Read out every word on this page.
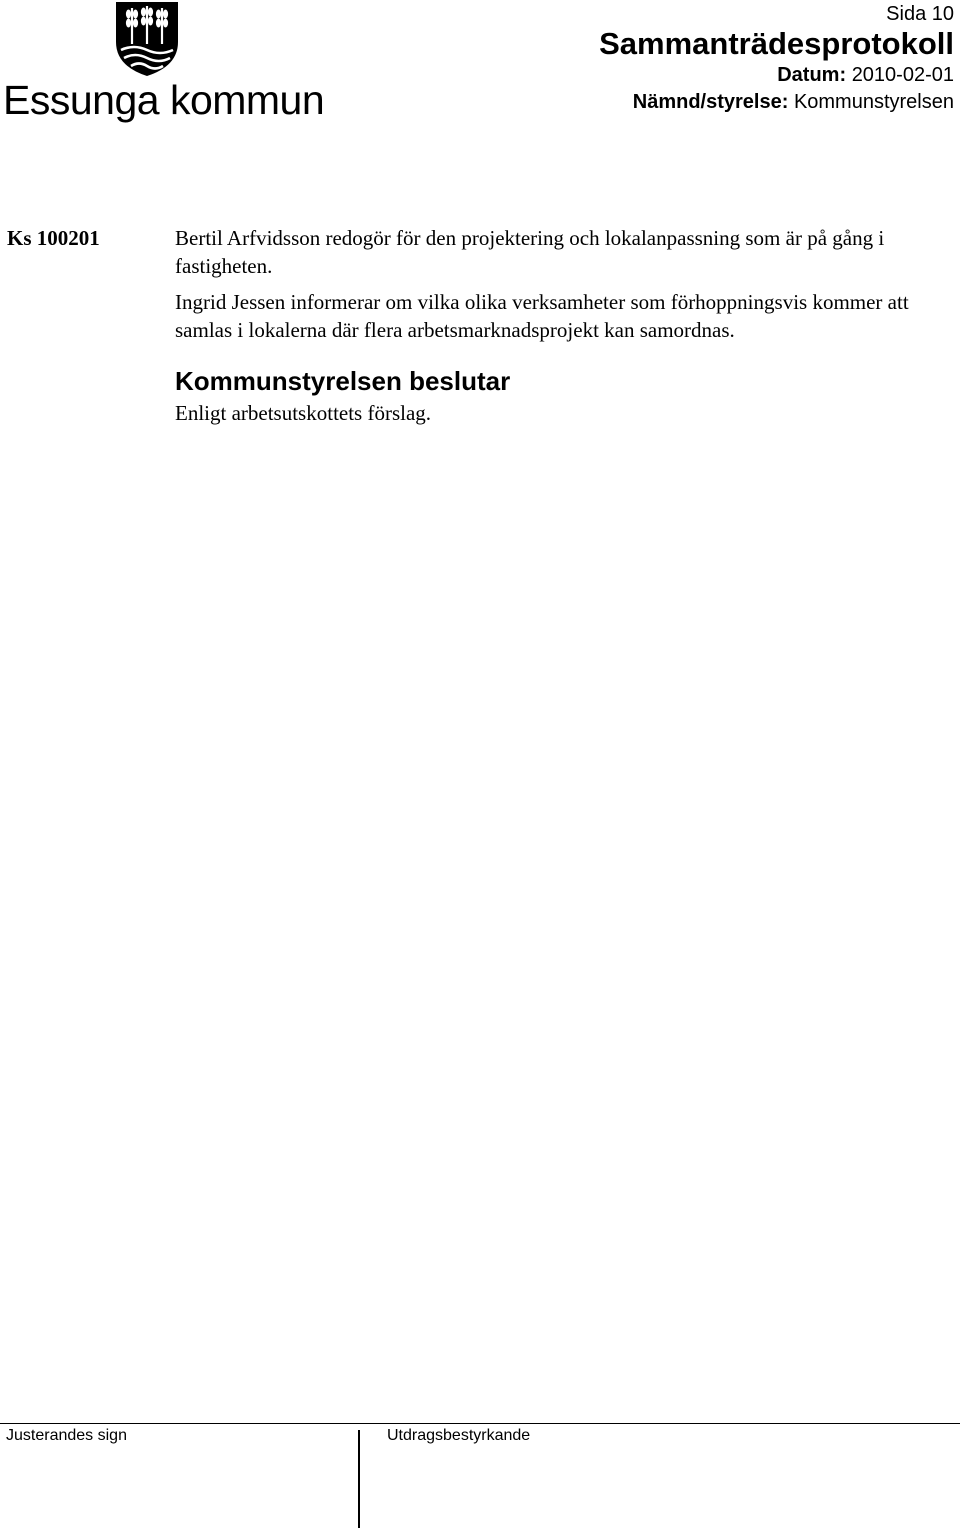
Essunga kommun
Sida 10
Sammanträdesprotokoll
Datum: 2010-02-01
Nämnd/styrelse: Kommunstyrelsen
Ks 100201	Bertil Arfvidsson redogör för den projektering och lokalanpassning som är på gång i fastigheten.

Ingrid Jessen informerar om vilka olika verksamheter som förhoppningsvis kommer att samlas i lokalerna där flera arbetsmarknadsprojekt kan samordnas.

Kommunstyrelsen beslutar

Enligt arbetsutskottets förslag.

Justerandes sign	Utdragsbestyrkande
